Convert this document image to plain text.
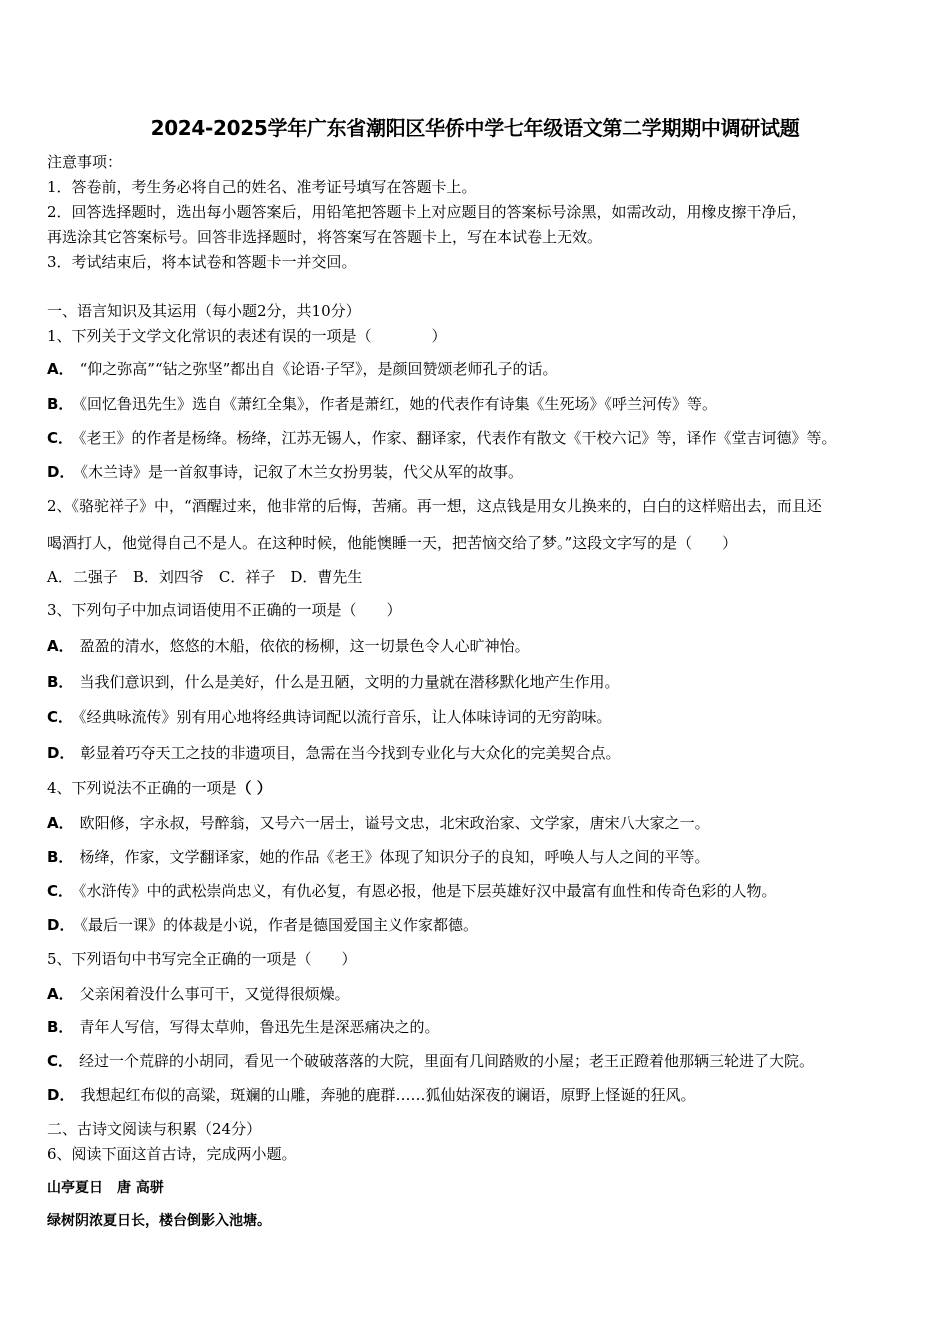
2024-2025学年广东省潮阳区华侨中学七年级语文第二学期期中调研试题
注意事项：
1．答卷前，考生务必将自己的姓名、准考证号填写在答题卡上。
2．回答选择题时，选出每小题答案后，用铅笔把答题卡上对应题目的答案标号涂黑，如需改动，用橡皮擦干净后，
再选涂其它答案标号。回答非选择题时，将答案写在答题卡上，写在本试卷上无效。
3．考试结束后，将本试卷和答题卡一并交回。
一、语言知识及其运用（每小题2分，共10分）
1、下列关于文学文化常识的表述有误的一项是（　　　　）
A． “仰之弥高”“钻之弥坚”都出自《论语·子罕》，是颜回赞颂老师孔子的话。
B． 《回忆鲁迅先生》选自《萧红全集》，作者是萧红，她的代表作有诗集《生死场》《呼兰河传》等。
C． 《老王》的作者是杨绛。杨绛，江苏无锡人，作家、翻译家，代表作有散文《干校六记》等，译作《堂吉诃德》等。
D． 《木兰诗》是一首叙事诗，记叙了木兰女扮男装，代父从军的故事。
2、《骆驼祥子》中，“酒醒过来，他非常的后悔，苦痛。再一想，这点钱是用女儿换来的，白白的这样赔出去，而且还
喝酒打人，他觉得自己不是人。在这种时候，他能懊睡一天，把苦恼交给了梦。”这段文字写的是（　　）
A．二强子　B．刘四爷　C．祥子　D．曹先生
3、下列句子中加点词语使用不正确的一项是（　　）
A． 盈盈的清水，悠悠的木船，依依的杨柳，这一切景色令人心旷神怡。
B． 当我们意识到，什么是美好，什么是丑陋，文明的力量就在潜移默化地产生作用。
C． 《经典咏流传》别有用心地将经典诗词配以流行音乐，让人体味诗词的无穷韵味。
D． 彰显着巧夺天工之技的非遗项目，急需在当今找到专业化与大众化的完美契合点。
4、下列说法不正确的一项是（ ）
A． 欧阳修，字永叔，号醉翁，又号六一居士，谥号文忠，北宋政治家、文学家，唐宋八大家之一。
B． 杨绛，作家，文学翻译家，她的作品《老王》体现了知识分子的良知，呼唤人与人之间的平等。
C． 《水浒传》中的武松崇尚忠义，有仇必复，有恩必报，他是下层英雄好汉中最富有血性和传奇色彩的人物。
D． 《最后一课》的体裁是小说，作者是德国爱国主义作家都德。
5、下列语句中书写完全正确的一项是（　　）
A． 父亲闲着没什么事可干，又觉得很烦燥。
B． 青年人写信，写得太草帅，鲁迅先生是深恶痛决之的。
C． 经过一个荒辟的小胡同，看见一个破破落落的大院，里面有几间踏败的小屋；老王正蹬着他那辆三轮进了大院。
D． 我想起红布似的高粱，斑斓的山雕，奔驰的鹿群……狐仙姑深夜的谰语，原野上怪诞的狂风。
二、古诗文阅读与积累（24分）
6、阅读下面这首古诗，完成两小题。
山亭夏日　唐 高骈
绿树阴浓夏日长，楼台倒影入池塘。
